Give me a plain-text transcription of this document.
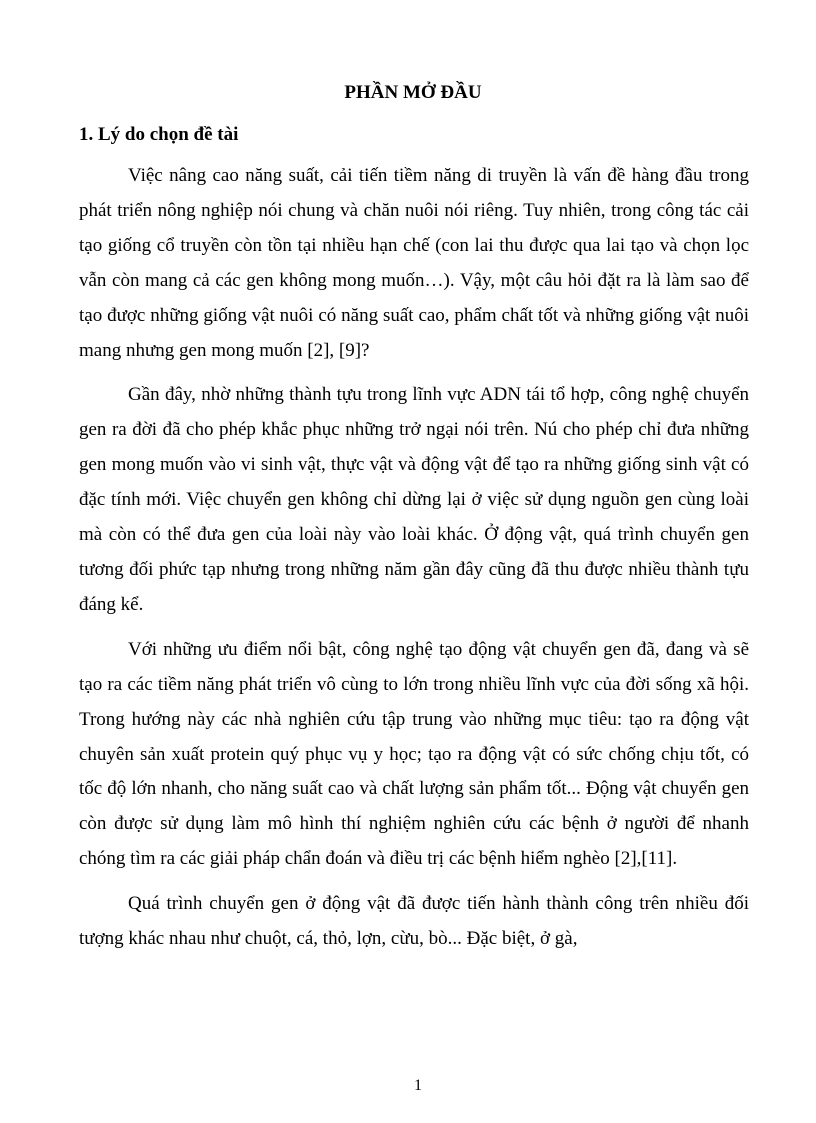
PHẦN MỞ ĐẦU
1. Lý do chọn đề tài

Việc nâng cao năng suất, cải tiến tiềm năng di truyền là vấn đề hàng đầu trong phát triển nông nghiệp nói chung và chăn nuôi nói riêng. Tuy nhiên, trong công tác cải tạo giống cổ truyền còn tồn tại nhiều hạn chế (con lai thu được qua lai tạo và chọn lọc vẫn còn mang cả các gen không mong muốn…). Vậy, một câu hỏi đặt ra là làm sao để tạo được những giống vật nuôi có năng suất cao, phẩm chất tốt và những giống vật nuôi mang nhưng gen mong muốn [2], [9]?

Gần đây, nhờ những thành tựu trong lĩnh vực ADN tái tổ hợp, công nghệ chuyển gen ra đời đã cho phép khắc phục những trở ngại nói trên. Nú cho phép chỉ đưa những gen mong muốn vào vi sinh vật, thực vật và động vật để tạo ra những giống sinh vật có đặc tính mới. Việc chuyển gen không chỉ dừng lại ở việc sử dụng nguồn gen cùng loài mà còn có thể đưa gen của loài này vào loài khác. Ở động vật, quá trình chuyển gen tương đối phức tạp nhưng trong những năm gần đây cũng đã thu được nhiều thành tựu đáng kể.

Với những ưu điểm nổi bật, công nghệ tạo động vật chuyển gen đã, đang và sẽ tạo ra các tiềm năng phát triển vô cùng to lớn trong nhiều lĩnh vực của đời sống xã hội. Trong hướng này các nhà nghiên cứu tập trung vào những mục tiêu: tạo ra động vật chuyên sản xuất protein quý phục vụ y học; tạo ra động vật có sức chống chịu tốt, có tốc độ lớn nhanh, cho năng suất cao và chất lượng sản phẩm tốt... Động vật chuyển gen còn được sử dụng làm mô hình thí nghiệm nghiên cứu các bệnh ở người để nhanh chóng tìm ra các giải pháp chẩn đoán và điều trị các bệnh hiểm nghèo [2],[11].

Quá trình chuyển gen ở động vật đã được tiến hành thành công trên nhiều đối tượng khác nhau như chuột, cá, thỏ, lợn, cừu, bò... Đặc biệt, ở gà,

1
